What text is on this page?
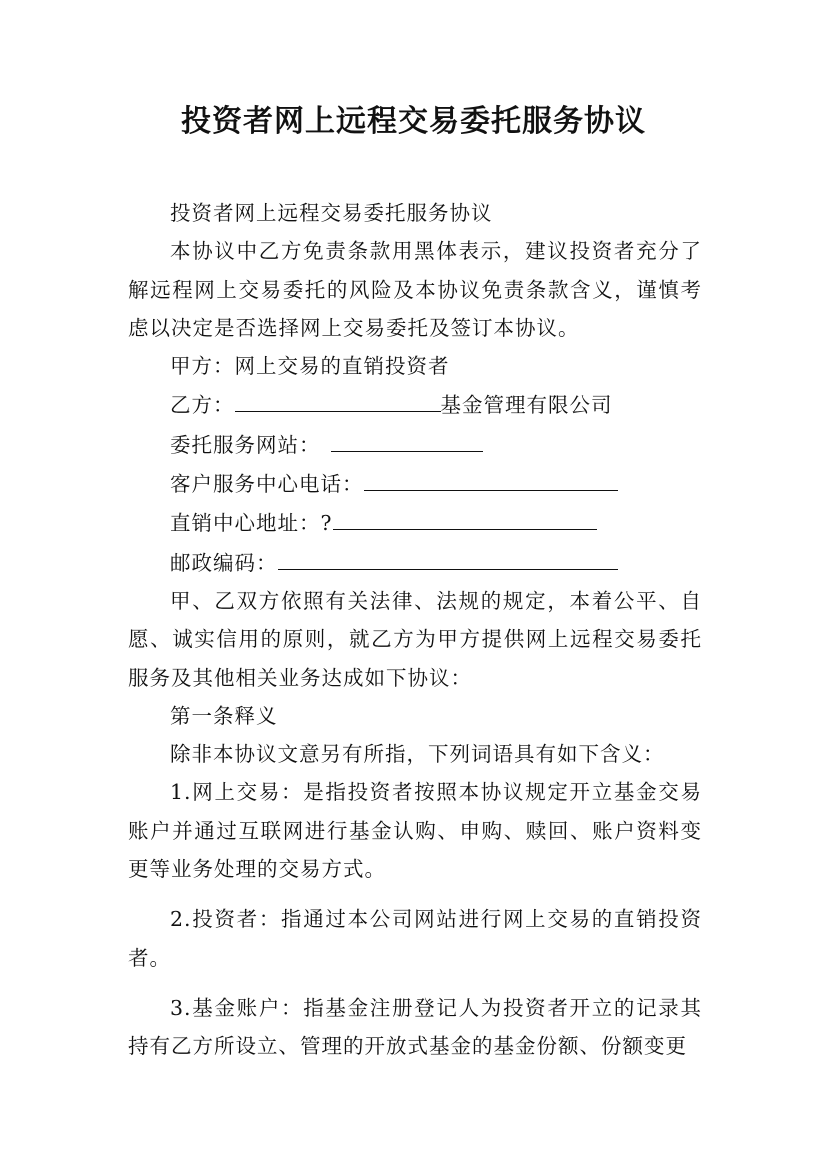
投资者网上远程交易委托服务协议

投资者网上远程交易委托服务协议

本协议中乙方免责条款用黑体表示，建议投资者充分了解远程网上交易委托的风险及本协议免责条款含义，谨慎考虑以决定是否选择网上交易委托及签订本协议。

甲方：网上交易的直销投资者

乙方：	基金管理有限公司

委托服务网站：

客户服务中心电话：

直销中心地址：?

邮政编码：

甲、乙双方依照有关法律、法规的规定，本着公平、自愿、诚实信用的原则，就乙方为甲方提供网上远程交易委托服务及其他相关业务达成如下协议：

第一条释义

除非本协议文意另有所指，下列词语具有如下含义：

1.网上交易：是指投资者按照本协议规定开立基金交易账户并通过互联网进行基金认购、申购、赎回、账户资料变更等业务处理的交易方式。

2.投资者：指通过本公司网站进行网上交易的直销投资者。

3.基金账户：指基金注册登记人为投资者开立的记录其持有乙方所设立、管理的开放式基金的基金份额、份额变更
